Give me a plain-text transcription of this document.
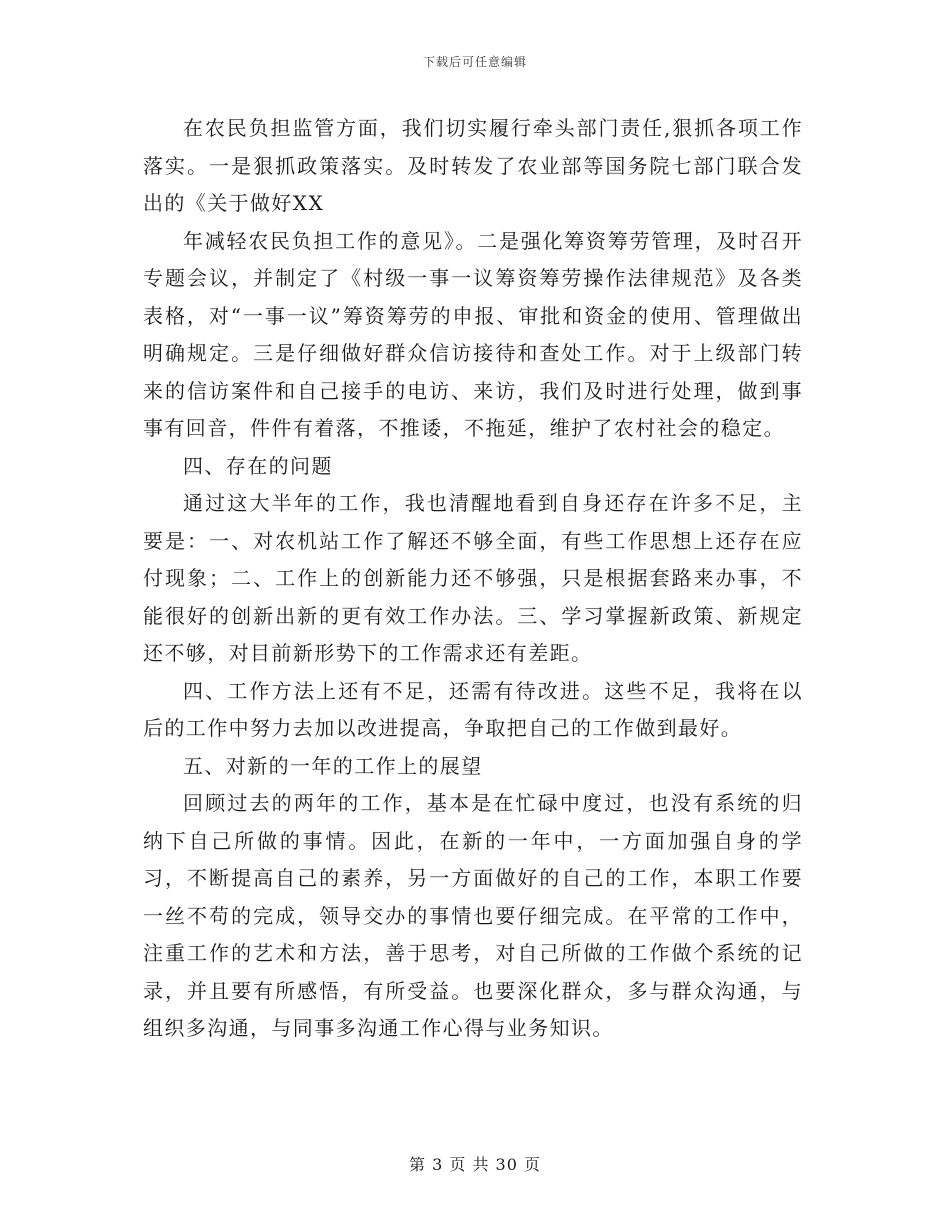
下载后可任意编辑

在农民负担监管方面，我们切实履行牵头部门责任,狠抓各项工作落实。一是狠抓政策落实。及时转发了农业部等国务院七部门联合发出的《关于做好XX

年减轻农民负担工作的意见》。二是强化筹资筹劳管理，及时召开专题会议，并制定了《村级一事一议筹资筹劳操作法律规范》及各类表格，对“一事一议”筹资筹劳的申报、审批和资金的使用、管理做出明确规定。三是仔细做好群众信访接待和查处工作。对于上级部门转来的信访案件和自己接手的电访、来访，我们及时进行处理，做到事事有回音，件件有着落，不推诿，不拖延，维护了农村社会的稳定。

四、存在的问题

通过这大半年的工作，我也清醒地看到自身还存在许多不足，主要是：一、对农机站工作了解还不够全面，有些工作思想上还存在应付现象；二、工作上的创新能力还不够强，只是根据套路来办事，不能很好的创新出新的更有效工作办法。三、学习掌握新政策、新规定还不够，对目前新形势下的工作需求还有差距。

四、工作方法上还有不足，还需有待改进。这些不足，我将在以后的工作中努力去加以改进提高，争取把自己的工作做到最好。

五、对新的一年的工作上的展望

回顾过去的两年的工作，基本是在忙碌中度过，也没有系统的归纳下自己所做的事情。因此，在新的一年中，一方面加强自身的学习，不断提高自己的素养，另一方面做好的自己的工作，本职工作要一丝不苟的完成，领导交办的事情也要仔细完成。在平常的工作中，注重工作的艺术和方法，善于思考，对自己所做的工作做个系统的记录，并且要有所感悟，有所受益。也要深化群众，多与群众沟通，与组织多沟通，与同事多沟通工作心得与业务知识。

第 3 页 共 30 页
